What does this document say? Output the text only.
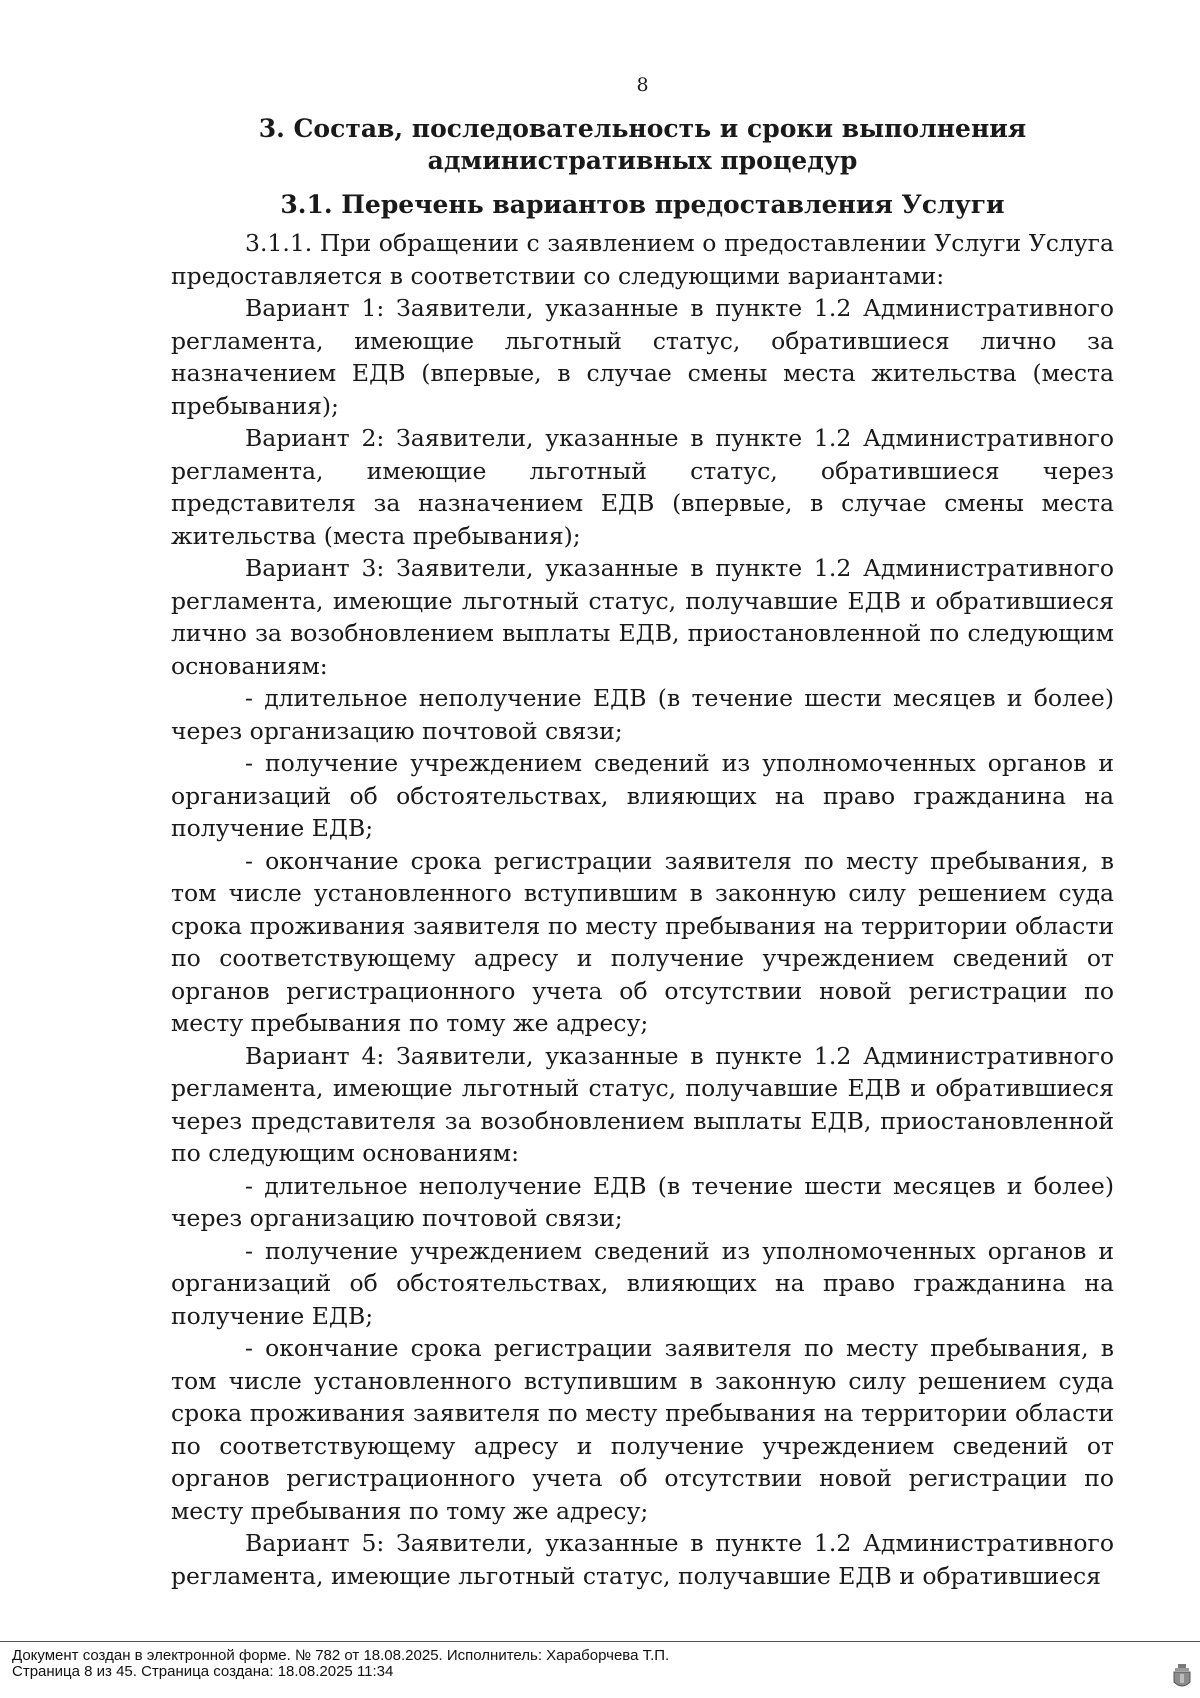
8

3. Состав, последовательность и сроки выполнения административных процедур

3.1. Перечень вариантов предоставления Услуги

3.1.1. При обращении с заявлением о предоставлении Услуги Услуга предоставляется в соответствии со следующими вариантами:

Вариант 1: Заявители, указанные в пункте 1.2 Административного регламента, имеющие льготный статус, обратившиеся лично за назначением ЕДВ (впервые, в случае смены места жительства (места пребывания);

Вариант 2: Заявители, указанные в пункте 1.2 Административного регламента, имеющие льготный статус, обратившиеся через представителя за назначением ЕДВ (впервые, в случае смены места жительства (места пребывания);

Вариант 3: Заявители, указанные в пункте 1.2 Административного регламента, имеющие льготный статус, получавшие ЕДВ и обратившиеся лично за возобновлением выплаты ЕДВ, приостановленной по следующим основаниям:

- длительное неполучение ЕДВ (в течение шести месяцев и более) через организацию почтовой связи;

- получение учреждением сведений из уполномоченных органов и организаций об обстоятельствах, влияющих на право гражданина на получение ЕДВ;

- окончание срока регистрации заявителя по месту пребывания, в том числе установленного вступившим в законную силу решением суда срока проживания заявителя по месту пребывания на территории области по соответствующему адресу и получение учреждением сведений от органов регистрационного учета об отсутствии новой регистрации по месту пребывания по тому же адресу;

Вариант 4: Заявители, указанные в пункте 1.2 Административного регламента, имеющие льготный статус, получавшие ЕДВ и обратившиеся через представителя за возобновлением выплаты ЕДВ, приостановленной по следующим основаниям:

- длительное неполучение ЕДВ (в течение шести месяцев и более) через организацию почтовой связи;

- получение учреждением сведений из уполномоченных органов и организаций об обстоятельствах, влияющих на право гражданина на получение ЕДВ;

- окончание срока регистрации заявителя по месту пребывания, в том числе установленного вступившим в законную силу решением суда срока проживания заявителя по месту пребывания на территории области по соответствующему адресу и получение учреждением сведений от органов регистрационного учета об отсутствии новой регистрации по месту пребывания по тому же адресу;

Вариант 5: Заявители, указанные в пункте 1.2 Административного регламента, имеющие льготный статус, получавшие ЕДВ и обратившиеся

Документ создан в электронной форме. № 782 от 18.08.2025. Исполнитель: Харaборчева Т.П.
Страница 8 из 45. Страница создана: 18.08.2025 11:34
